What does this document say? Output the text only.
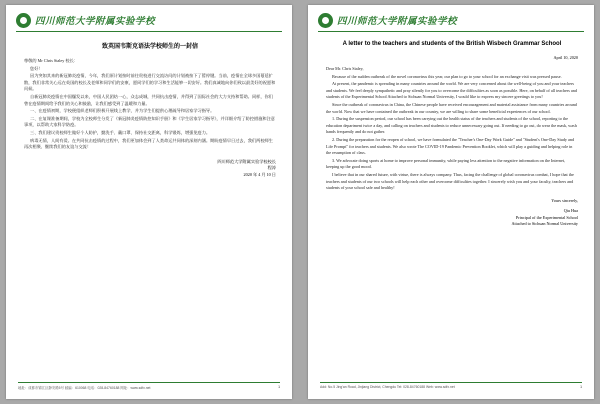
四川师范大学附属实验学校
致英国韦斯克语法学校师生的一封信

尊敬的 Mr Chris Staley 校长：

您好！

因为突如其来的新冠肺炎疫情，今年，我们原计划按时前往贵校进行交流访问的计划被按下了暂停键。当前，疫情在全球多国蔓延扩散，我们非常关心远在英国的校长及老师和同学们的安康，愿同学们的学习和生活能够一切安好。我们真诚地向你们致以最美好的祝愿和问候。

自新冠肺炎疫情在中国爆发以来，中国人民团结一心，众志成城，共同抗击疫情，并得到了国际社会的大力支持和帮助。同样，你们曾在疫情期间给予我们的关心和鼓励，让我们感受到了温暖和力量。

一、在疫情初期，学校便组织老师们积极开展线上教学，并为学生们提供心理疏导和居家学习指导。

二、在复课准备期间，学校为全校师生分发了《新冠肺炎疫情防控知识手册》和《学生居家学习指导》，并详细介绍了防控措施和注意事项，以帮助大家科学防疫。

三、我们建议贵校师生做好个人防护，勤洗手、戴口罩、保持社交距离，科学锻炼，增强免疫力。

病毒无情，人间有爱。在共同抗击疫情的过程中，我们更加体会到了人类命运共同体的深刻内涵。期盼疫情早日过去，我们两校师生再次相聚、继续我们的友谊与交流！

四川师范大学附属实验学校校长
程涛
2020 年 4 月 10 日
地址：成都市锦江区静安路5号 邮编：610068 电话：028-84760188 网址：www.sdfx.net	1
四川师范大学附属实验学校
A letter to the teachers and students of the British Wisbech Grammar School
April 10, 2020

Dear Mr. Chris Staley,

Because of the sudden outbreak of the novel coronavirus this year, our plan to go to your school for an exchange visit was pressed pause.

At present, the pandemic is spreading in many countries around the world. We are very concerned about the well-being of you and your teachers and students. We feel deeply sympathetic and pray silently for you to overcome the difficulties as soon as possible. Here, on behalf of all teachers and students of the Experimental School Attached to Sichuan Normal University, I would like to express my sincere greetings to you!

Since the outbreak of coronavirus in China, the Chinese people have received encouragement and material assistance from many countries around the world. Now that we have contained the outbreak in our country, we are willing to share some beneficial experiences of our school.

1. During the suspension period, our school has been carrying out the health status of the teachers and students of the school, reporting to the education department twice a day, and calling on teachers and students to reduce unnecessary going out. If needing to go out, do wear the mask, wash hands frequently and do not gather.

2. During the preparation for the reopen of school, we have formulated the "Teacher's One-Day Work Guide" and "Student's One-Day Study and Life Prompt" for teachers and students. We also wrote The COVID-19 Pandemic Prevention Booklet, which will play a guiding and helping role in the resumption of class.

3. We advocate doing sports at home to improve personal immunity, while paying less attention to the negative information on the Internet, keeping up the good mood.

I believe that in our shared future, with virtue, there is always company. Thus, facing the challenge of global coronavirus combat, I hope that the teachers and students of our two schools will help each other and overcome difficulties together. I sincerely wish you and your faculty, teachers and students of your school safe and healthy!

Yours sincerely,
Qiu Hua
Principal of the Experimental School
Attached to Sichuan Normal University
Add: No.5 Jing'an Road, Jinjiang District, Chengdu Tel: 028-84760188 Web: www.sdfx.net	1
